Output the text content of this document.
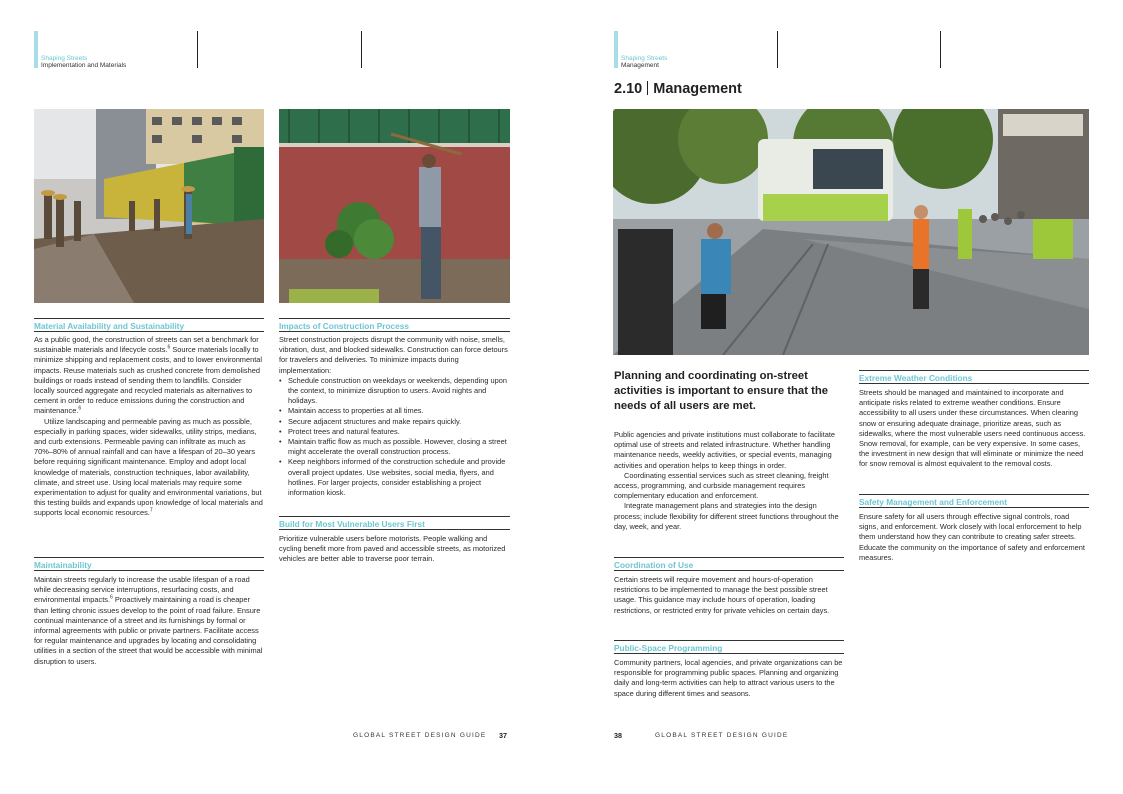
Shaping Streets
Implementation and Materials
Material Availability and Sustainability

As a public good, the construction of streets can set a benchmark for sustainable materials and lifecycle costs.$^6$ Source materials locally to minimize shipping and replacement costs, and to lower environmental impacts. Reuse materials such as crushed concrete from demolished buildings or roads instead of sending them to landfills. Consider locally sourced aggregate and recycled materials as alternatives to cement in order to reduce emissions during the construction and maintenance.$^6$

Utilize landscaping and permeable paving as much as possible, especially in parking spaces, wider sidewalks, utility strips, medians, and curb extensions. Permeable paving can infiltrate as much as 70%–80% of annual rainfall and can have a lifespan of 20–30 years before requiring significant maintenance. Employ and adopt local knowledge of materials, construction techniques, labor availability, climate, and street use. Using local materials may require some experimentation to adjust for quality and environmental variations, but this testing builds and expands upon knowledge of local materials and supports local economic resources.$^7$

Maintainability

Maintain streets regularly to increase the usable lifespan of a road while decreasing service interruptions, resurfacing costs, and environmental impacts.$^6$ Proactively maintaining a road is cheaper than letting chronic issues develop to the point of road failure. Ensure continual maintenance of a street and its furnishings by formal or informal agreements with public or private partners. Facilitate access for regular maintenance and upgrades by locating and consolidating utilities in a section of the street that would be accessible with minimal disruption to users.

Impacts of Construction Process

Street construction projects disrupt the community with noise, smells, vibration, dust, and blocked sidewalks. Construction can force detours for travelers and deliveries. To minimize impacts during implementation:

• Schedule construction on weekdays or weekends, depending upon the context, to minimize disruption to users. Avoid nights and holidays.
• Maintain access to properties at all times.
• Secure adjacent structures and make repairs quickly.
• Protect trees and natural features.
• Maintain traffic flow as much as possible. However, closing a street might accelerate the overall construction process.
• Keep neighbors informed of the construction schedule and provide overall project updates. Use websites, social media, flyers, and hotlines. For larger projects, consider establishing a project information kiosk.
Build for Most Vulnerable Users First

Prioritize vulnerable users before motorists. People walking and cycling benefit more from paved and accessible streets, as motorized vehicles are better able to traverse poor terrain.

GLOBAL STREET DESIGN GUIDE 37
Shaping Streets
Management
2.10 Management
Planning and coordinating on-street activities is important to ensure that the needs of all users are met.

Public agencies and private institutions must collaborate to facilitate optimal use of streets and related infrastructure. Whether handling maintenance needs, weekly activities, or special events, managing activities and operation helps to keep things in order.

Coordinating essential services such as street cleaning, freight access, programming, and curbside management requires complementary education and enforcement.

Integrate management plans and strategies into the design process; include flexibility for different street functions throughout the day, week, and year.

Coordination of Use

Certain streets will require movement and hours-of-operation restrictions to be implemented to manage the best possible street usage. This guidance may include hours of operation, loading restrictions, or restricted entry for private vehicles on certain days.

Public-Space Programming

Community partners, local agencies, and private organizations can be responsible for programming public spaces. Planning and organizing daily and long-term activities can help to attract various users to the space during different times and seasons.

Extreme Weather Conditions

Streets should be managed and maintained to incorporate and anticipate risks related to extreme weather conditions. Ensure accessibility to all users under these circumstances. When clearing snow or ensuring adequate drainage, prioritize areas, such as sidewalks, where the most vulnerable users need continuous access. Snow removal, for example, can be very expensive. In some cases, the investment in new design that will eliminate or minimize the need for snow removal is almost equivalent to the removal costs.

Safety Management and Enforcement

Ensure safety for all users through effective signal controls, road signs, and enforcement. Work closely with local enforcement to help them understand how they can contribute to creating safer streets. Educate the community on the importance of safety and enforcement measures.

38	GLOBAL STREET DESIGN GUIDE
